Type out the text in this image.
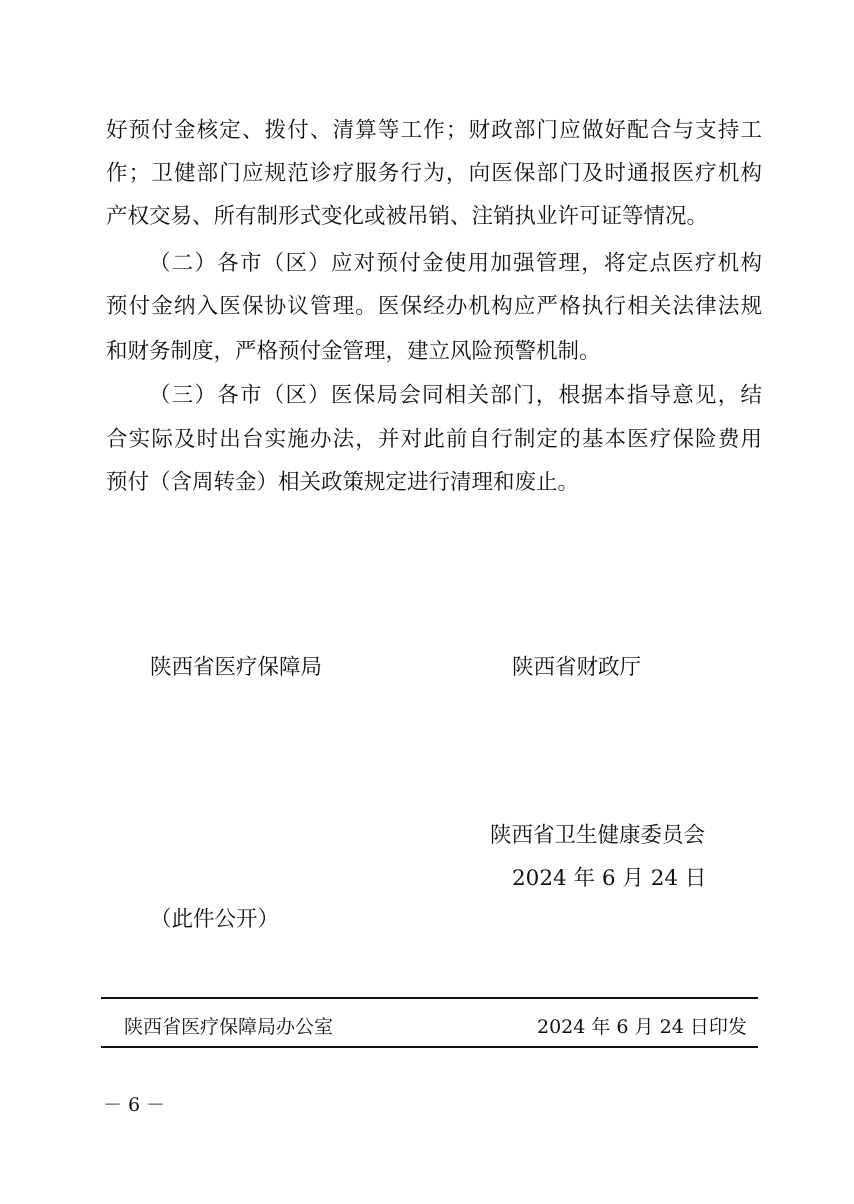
好预付金核定、拨付、清算等工作；财政部门应做好配合与支持工

作；卫健部门应规范诊疗服务行为，向医保部门及时通报医疗机构

产权交易、所有制形式变化或被吊销、注销执业许可证等情况。

（二）各市（区）应对预付金使用加强管理，将定点医疗机构

预付金纳入医保协议管理。医保经办机构应严格执行相关法律法规

和财务制度，严格预付金管理，建立风险预警机制。

（三）各市（区）医保局会同相关部门，根据本指导意见，结

合实际及时出台实施办法，并对此前自行制定的基本医疗保险费用

预付（含周转金）相关政策规定进行清理和废止。

陕西省医疗保障局	陕西省财政厅

陕西省卫生健康委员会

2024 年 6 月 24 日

（此件公开）

陕西省医疗保障局办公室	2024 年 6 月 24 日印发

－ 6 －
